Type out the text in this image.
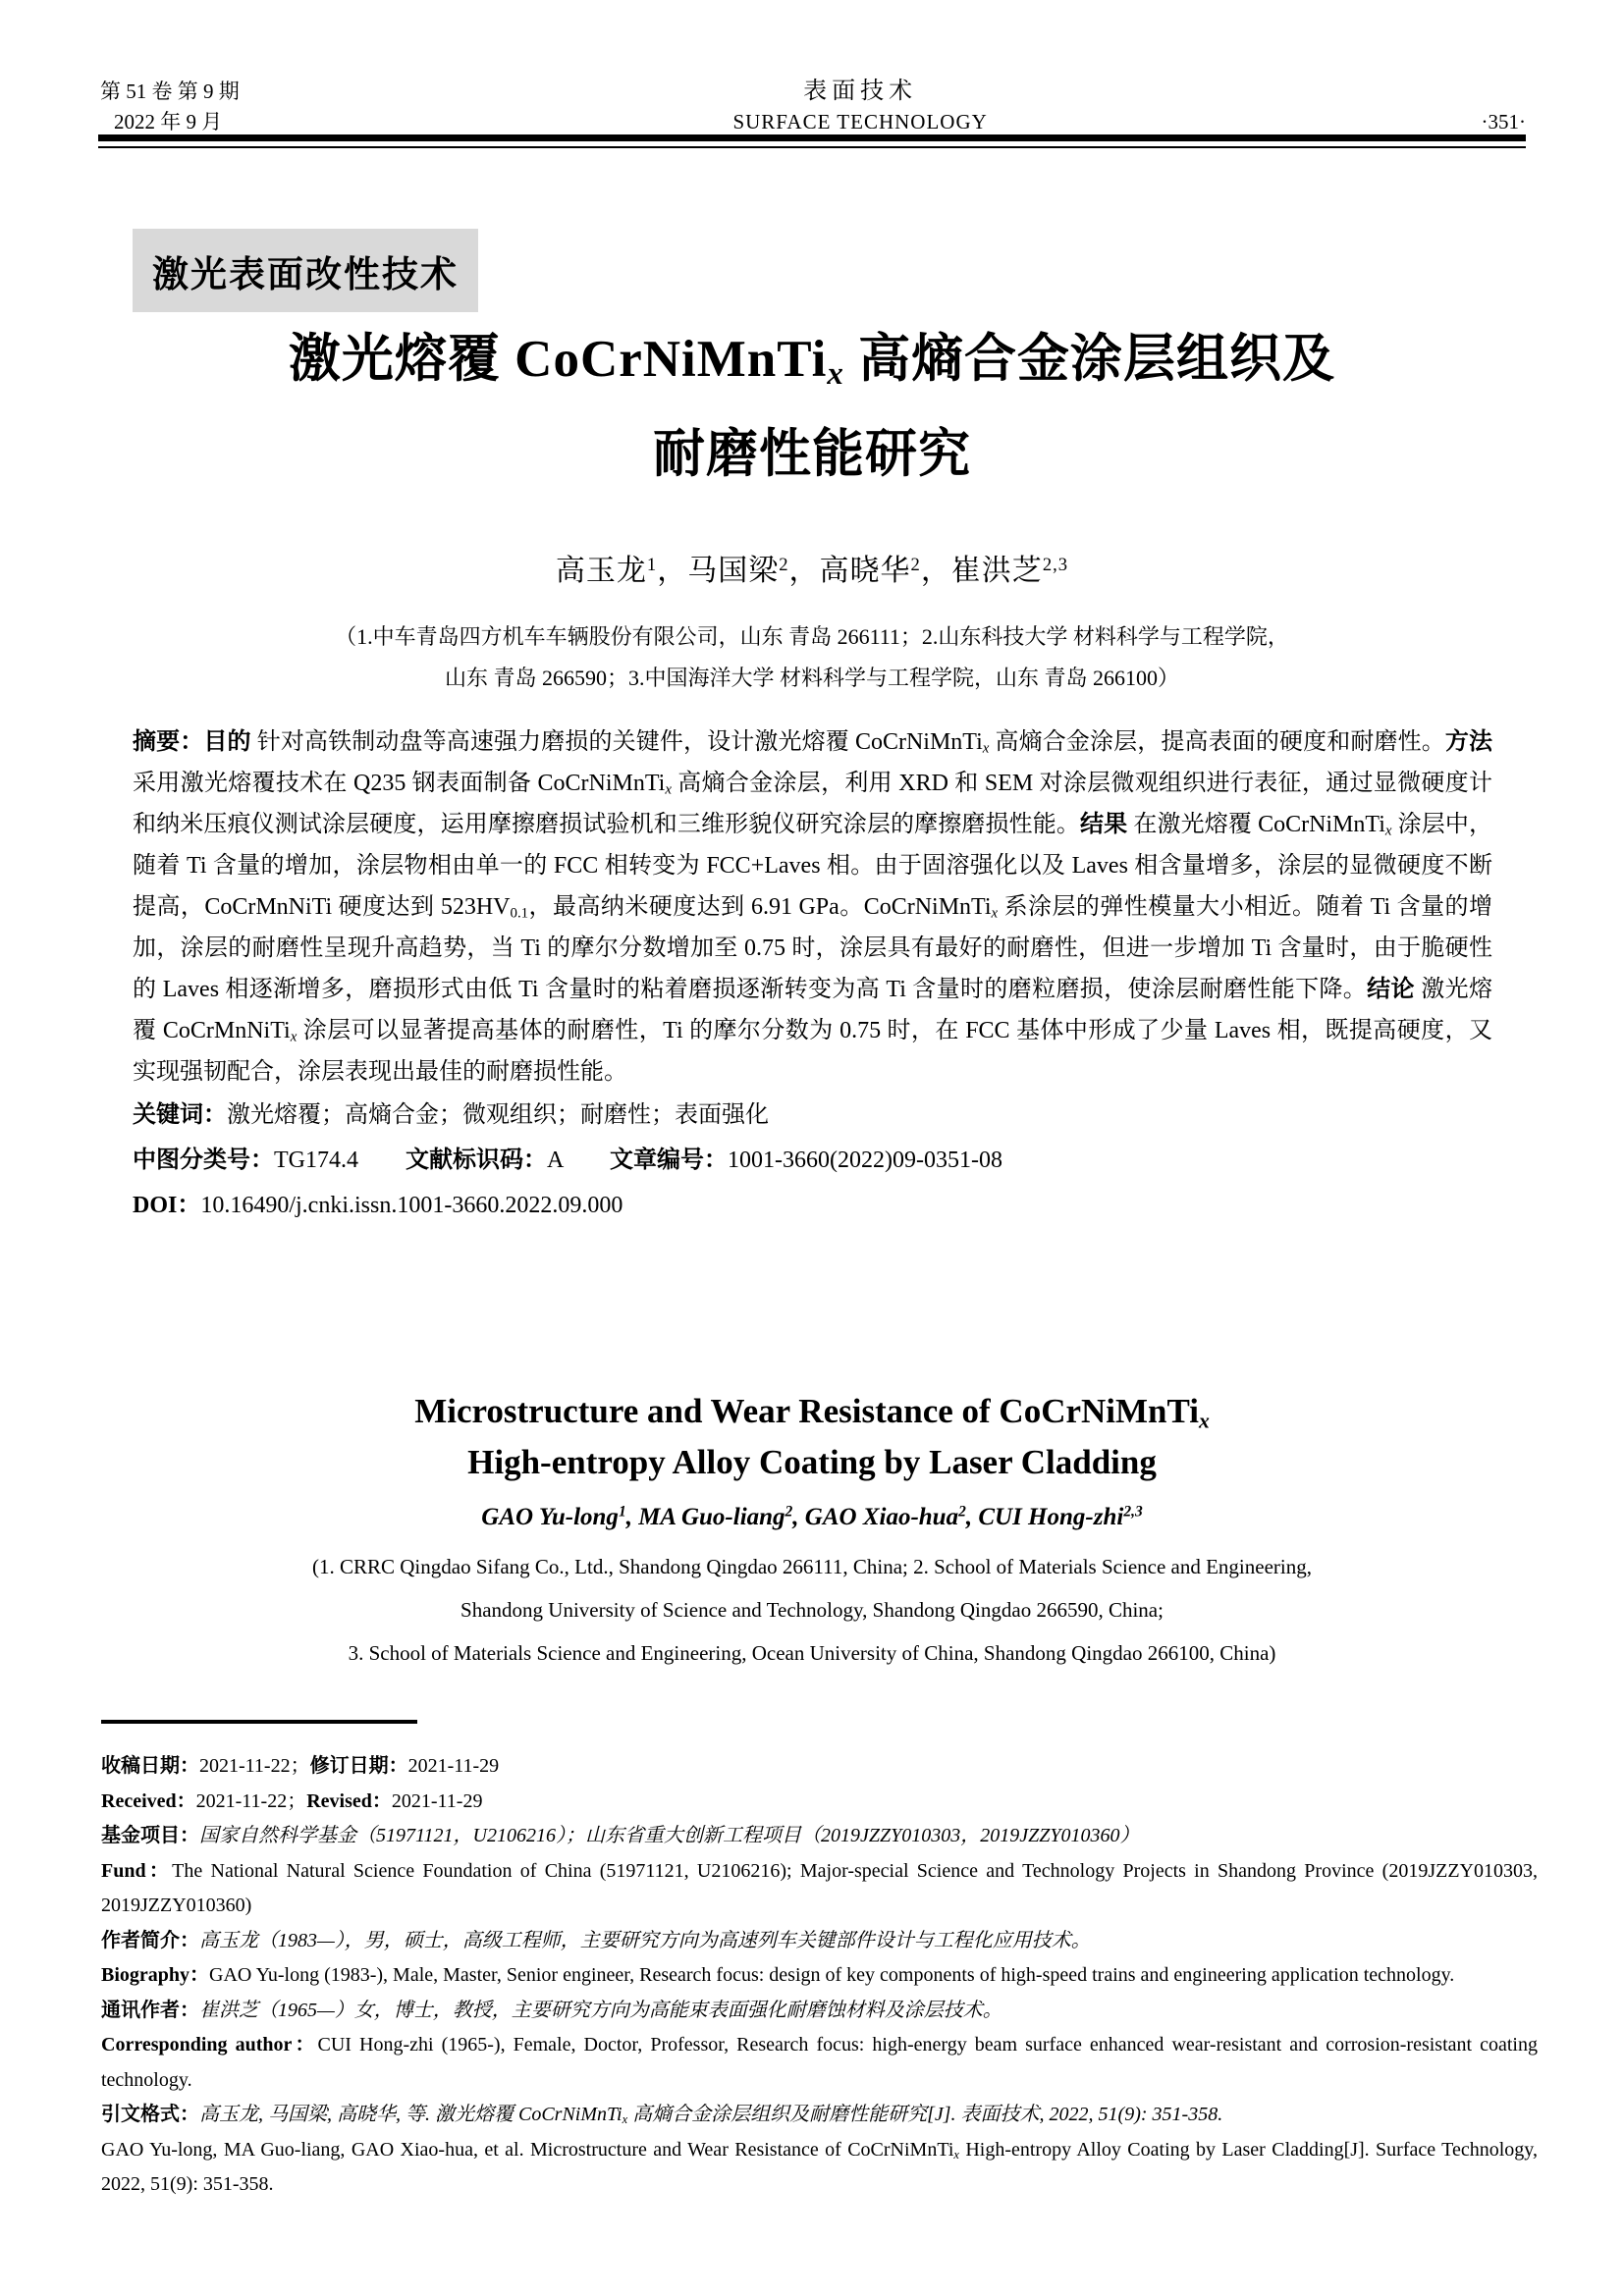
第 51 卷 第 9 期
2022 年 9 月
表面技术
SURFACE TECHNOLOGY	·351·
激光表面改性技术
激光熔覆 CoCrNiMnTi$_x$ 高熵合金涂层组织及
耐磨性能研究
高玉龙$^1$，马国梁$^2$，高晓华$^2$，崔洪芝$^{2,3}$
（1.中车青岛四方机车车辆股份有限公司，山东 青岛 266111；2.山东科技大学 材料科学与工程学院，
山东 青岛 266590；3.中国海洋大学 材料科学与工程学院，山东 青岛 266100）

摘要：目的 针对高铁制动盘等高速强力磨损的关键件，设计激光熔覆 CoCrNiMnTi$_x$ 高熵合金涂层，提高表面的硬度和耐磨性。方法 采用激光熔覆技术在 Q235 钢表面制备 CoCrNiMnTi$_x$ 高熵合金涂层，利用 XRD 和 SEM 对涂层微观组织进行表征，通过显微硬度计和纳米压痕仪测试涂层硬度，运用摩擦磨损试验机和三维形貌仪研究涂层的摩擦磨损性能。结果 在激光熔覆 CoCrNiMnTi$_x$ 涂层中，随着 Ti 含量的增加，涂层物相由单一的 FCC 相转变为 FCC+Laves 相。由于固溶强化以及 Laves 相含量增多，涂层的显微硬度不断提高，CoCrMnNiTi 硬度达到 $523HV_{0.1}$，最高纳米硬度达到 6.91 GPa。CoCrNiMnTi$_x$ 系涂层的弹性模量大小相近。随着 Ti 含量的增加，涂层的耐磨性呈现升高趋势，当 Ti 的摩尔分数增加至 0.75 时，涂层具有最好的耐磨性，但进一步增加 Ti 含量时，由于脆硬性的 Laves 相逐渐增多，磨损形式由低 Ti 含量时的粘着磨损逐渐转变为高 Ti 含量时的磨粒磨损，使涂层耐磨性能下降。结论 激光熔覆 CoCrMnNiTi$_x$ 涂层可以显著提高基体的耐磨性，Ti 的摩尔分数为 0.75 时，在 FCC 基体中形成了少量 Laves 相，既提高硬度，又实现强韧配合，涂层表现出最佳的耐磨损性能。

关键词：激光熔覆；高熵合金；微观组织；耐磨性；表面强化

中图分类号：TG174.4　　 文献标识码：A　　 文章编号：1001-3660(2022)09-0351-08

DOI：10.16490/j.cnki.issn.1001-3660.2022.09.000

Microstructure and Wear Resistance of CoCrNiMnTi$_x$
High-entropy Alloy Coating by Laser Cladding
GAO Yu-long$^1$, MA Guo-liang$^2$, GAO Xiao-hua$^2$, CUI Hong-zhi$^{2,3}$
(1. CRRC Qingdao Sifang Co., Ltd., Shandong Qingdao 266111, China; 2. School of Materials Science and Engineering,
Shandong University of Science and Technology, Shandong Qingdao 266590, China;
3. School of Materials Science and Engineering, Ocean University of China, Shandong Qingdao 266100, China)

收稿日期：2021-11-22；修订日期：2021-11-29

Received：2021-11-22；Revised：2021-11-29

基金项目：国家自然科学基金（51971121，U2106216）；山东省重大创新工程项目（2019JZZY010303，2019JZZY010360）

Fund：The National Natural Science Foundation of China (51971121, U2106216); Major-special Science and Technology Projects in Shandong Province (2019JZZY010303, 2019JZZY010360)

作者简介：高玉龙（1983—），男，硕士，高级工程师，主要研究方向为高速列车关键部件设计与工程化应用技术。

Biography：GAO Yu-long (1983-), Male, Master, Senior engineer, Research focus: design of key components of high-speed trains and engineering application technology.

通讯作者：崔洪芝（1965—）女，博士，教授，主要研究方向为高能束表面强化耐磨蚀材料及涂层技术。

Corresponding author：CUI Hong-zhi (1965-), Female, Doctor, Professor, Research focus: high-energy beam surface enhanced wear-resistant and corrosion-resistant coating technology.

引文格式：高玉龙, 马国梁, 高晓华, 等. 激光熔覆 CoCrNiMnTi$_x$ 高熵合金涂层组织及耐磨性能研究[J]. 表面技术, 2022, 51(9): 351-358.

GAO Yu-long, MA Guo-liang, GAO Xiao-hua, et al. Microstructure and Wear Resistance of CoCrNiMnTi$_x$ High-entropy Alloy Coating by Laser Cladding[J]. Surface Technology, 2022, 51(9): 351-358.
